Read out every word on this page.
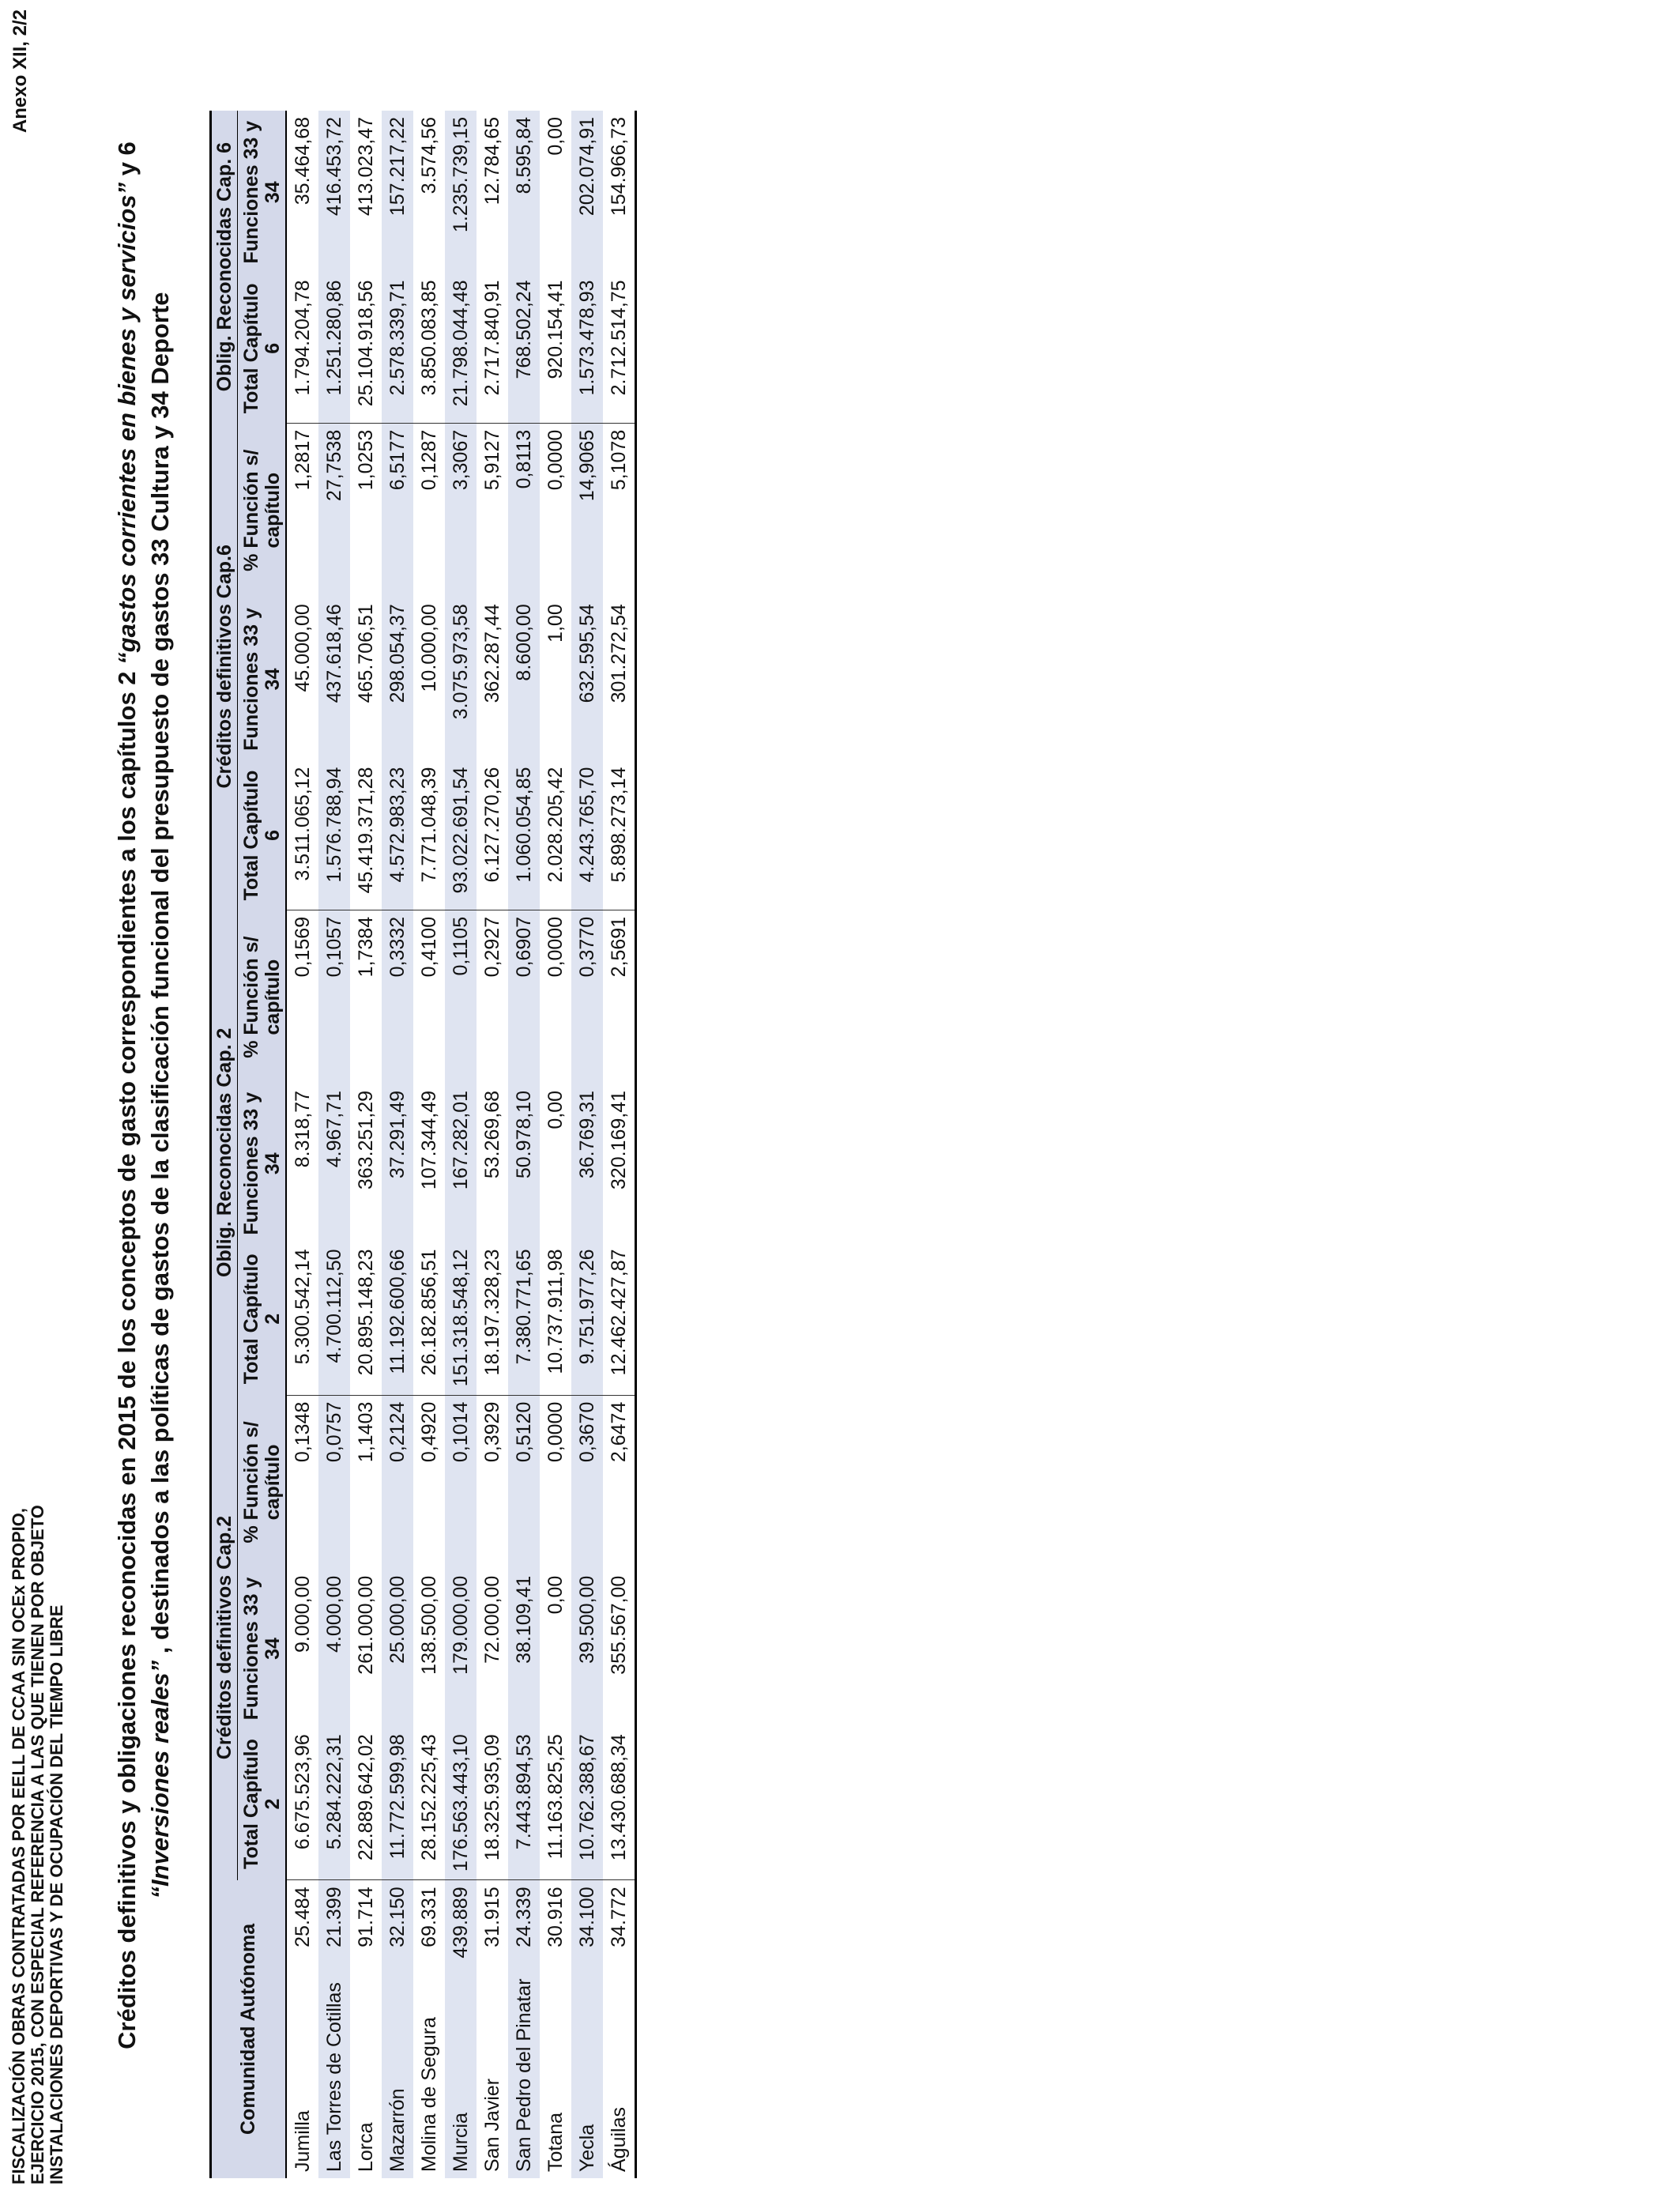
FISCALIZACIÓN OBRAS CONTRATADAS POR EELL DE CCAA SIN OCEx PROPIO, EJERCICIO 2015, CON ESPECIAL REFERENCIA A LAS QUE TIENEN POR OBJETO INSTALACIONES DEPORTIVAS Y DE OCUPACIÓN DEL TIEMPO LIBRE
Anexo XII, 2/2
Créditos definitivos y obligaciones reconocidas en 2015 de los conceptos de gasto correspondientes a los capítulos 2 “gastos corrientes en bienes y servicios” y 6 “Inversiones reales” , destinados a las políticas de gastos de la clasificación funcional del presupuesto de gastos 33 Cultura y 34 Deporte
Comunidad Autónoma		Créditos definitivos Cap.2			Oblig. Reconocidas Cap. 2			Créditos definitivos Cap.6			Oblig. Reconocidas Cap. 6	
		Total Capítulo 2	Funciones 33 y 34	% Función s/ capítulo	Total Capítulo 2	Funciones 33 y 34	% Función s/ capítulo	Total Capítulo 6	Funciones 33 y 34	% Función s/ capítulo	Total Capítulo 6	Funciones 33 y 34
Jumilla	25.484	6.675.523,96	9.000,00	0,1348	5.300.542,14	8.318,77	0,1569	3.511.065,12	45.000,00	1,2817	1.794.204,78	35.464,68
Las Torres de Cotillas	21.399	5.284.222,31	4.000,00	0,0757	4.700.112,50	4.967,71	0,1057	1.576.788,94	437.618,46	27,7538	1.251.280,86	416.453,72
Lorca	91.714	22.889.642,02	261.000,00	1,1403	20.895.148,23	363.251,29	1,7384	45.419.371,28	465.706,51	1,0253	25.104.918,56	413.023,47
Mazarrón	32.150	11.772.599,98	25.000,00	0,2124	11.192.600,66	37.291,49	0,3332	4.572.983,23	298.054,37	6,5177	2.578.339,71	157.217,22
Molina de Segura	69.331	28.152.225,43	138.500,00	0,4920	26.182.856,51	107.344,49	0,4100	7.771.048,39	10.000,00	0,1287	3.850.083,85	3.574,56
Murcia	439.889	176.563.443,10	179.000,00	0,1014	151.318.548,12	167.282,01	0,1105	93.022.691,54	3.075.973,58	3,3067	21.798.044,48	1.235.739,15
San Javier	31.915	18.325.935,09	72.000,00	0,3929	18.197.328,23	53.269,68	0,2927	6.127.270,26	362.287,44	5,9127	2.717.840,91	12.784,65
San Pedro del Pinatar	24.339	7.443.894,53	38.109,41	0,5120	7.380.771,65	50.978,10	0,6907	1.060.054,85	8.600,00	0,8113	768.502,24	8.595,84
Totana	30.916	11.163.825,25	0,00	0,0000	10.737.911,98	0,00	0,0000	2.028.205,42	1,00	0,0000	920.154,41	0,00
Yecla	34.100	10.762.388,67	39.500,00	0,3670	9.751.977,26	36.769,31	0,3770	4.243.765,70	632.595,54	14,9065	1.573.478,93	202.074,91
Águilas	34.772	13.430.688,34	355.567,00	2,6474	12.462.427,87	320.169,41	2,5691	5.898.273,14	301.272,54	5,1078	2.712.514,75	154.966,73
